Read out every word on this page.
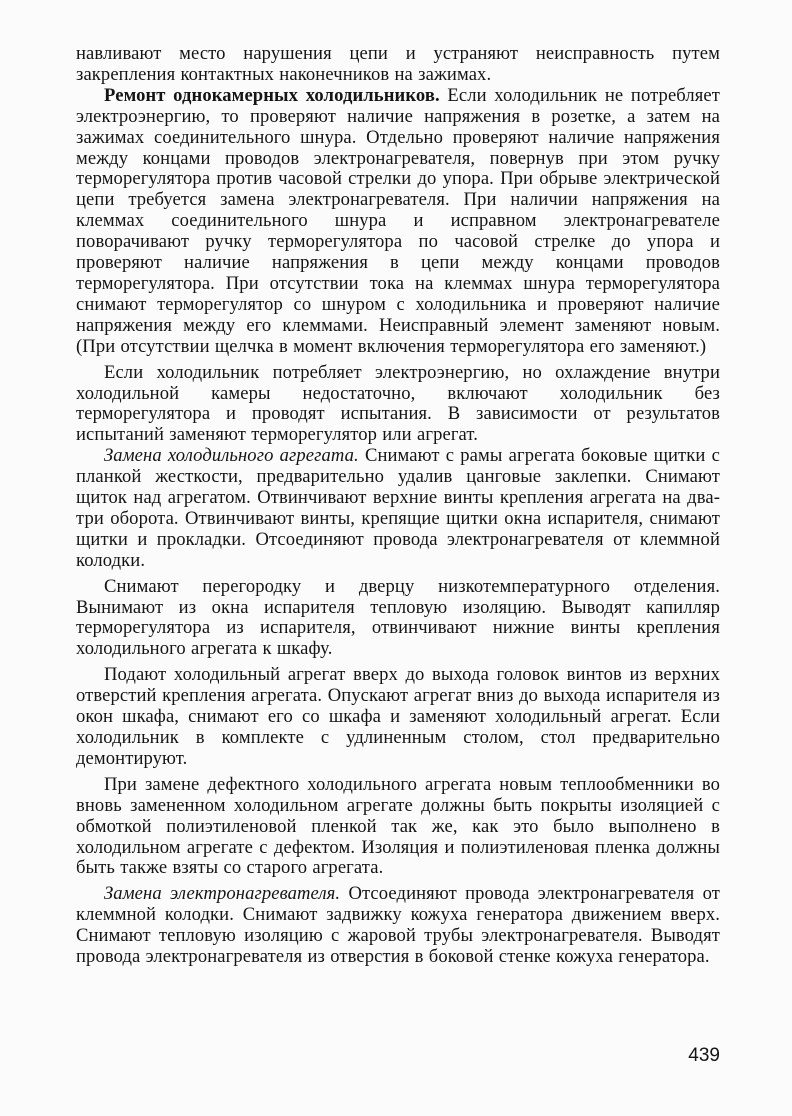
навливают место нарушения цепи и устраняют неисправность путем закрепления контактных наконечников на зажимах.

Ремонт однокамерных холодильников. Если холодильник не потребляет электроэнергию, то проверяют наличие напряжения в розетке, а затем на зажимах соединительного шнура. Отдельно проверяют наличие напряжения между концами проводов электронагревателя, повернув при этом ручку терморегулятора против часовой стрелки до упора. При обрыве электрической цепи требуется замена электронагревателя. При наличии напряжения на клеммах соединительного шнура и исправном электронагревателе поворачивают ручку терморегулятора по часовой стрелке до упора и проверяют наличие напряжения в цепи между концами проводов терморегулятора. При отсутствии тока на клеммах шнура терморегулятора снимают терморегулятор со шнуром с холодильника и проверяют наличие напряжения между его клеммами. Неисправный элемент заменяют новым. (При отсутствии щелчка в момент включения терморегулятора его заменяют.)

Если холодильник потребляет электроэнергию, но охлаждение внутри холодильной камеры недостаточно, включают холодильник без терморегулятора и проводят испытания. В зависимости от результатов испытаний заменяют терморегулятор или агрегат.

Замена холодильного агрегата. Снимают с рамы агрегата боковые щитки с планкой жесткости, предварительно удалив цанговые заклепки. Снимают щиток над агрегатом. Отвинчивают верхние винты крепления агрегата на два-три оборота. Отвинчивают винты, крепящие щитки окна испарителя, снимают щитки и прокладки. Отсоединяют провода электронагревателя от клеммной колодки.

Снимают перегородку и дверцу низкотемпературного отделения. Вынимают из окна испарителя тепловую изоляцию. Выводят капилляр терморегулятора из испарителя, отвинчивают нижние винты крепления холодильного агрегата к шкафу.

Подают холодильный агрегат вверх до выхода головок винтов из верхних отверстий крепления агрегата. Опускают агрегат вниз до выхода испарителя из окон шкафа, снимают его со шкафа и заменяют холодильный агрегат. Если холодильник в комплекте с удлиненным столом, стол предварительно демонтируют.

При замене дефектного холодильного агрегата новым теплообменники во вновь замененном холодильном агрегате должны быть покрыты изоляцией с обмоткой полиэтиленовой пленкой так же, как это было выполнено в холодильном агрегате с дефектом. Изоляция и полиэтиленовая пленка должны быть также взяты со старого агрегата.

Замена электронагревателя. Отсоединяют провода электронагревателя от клеммной колодки. Снимают задвижку кожуха генератора движением вверх. Снимают тепловую изоляцию с жаровой трубы электронагревателя. Выводят провода электронагревателя из отверстия в боковой стенке кожуха генератора.

439
